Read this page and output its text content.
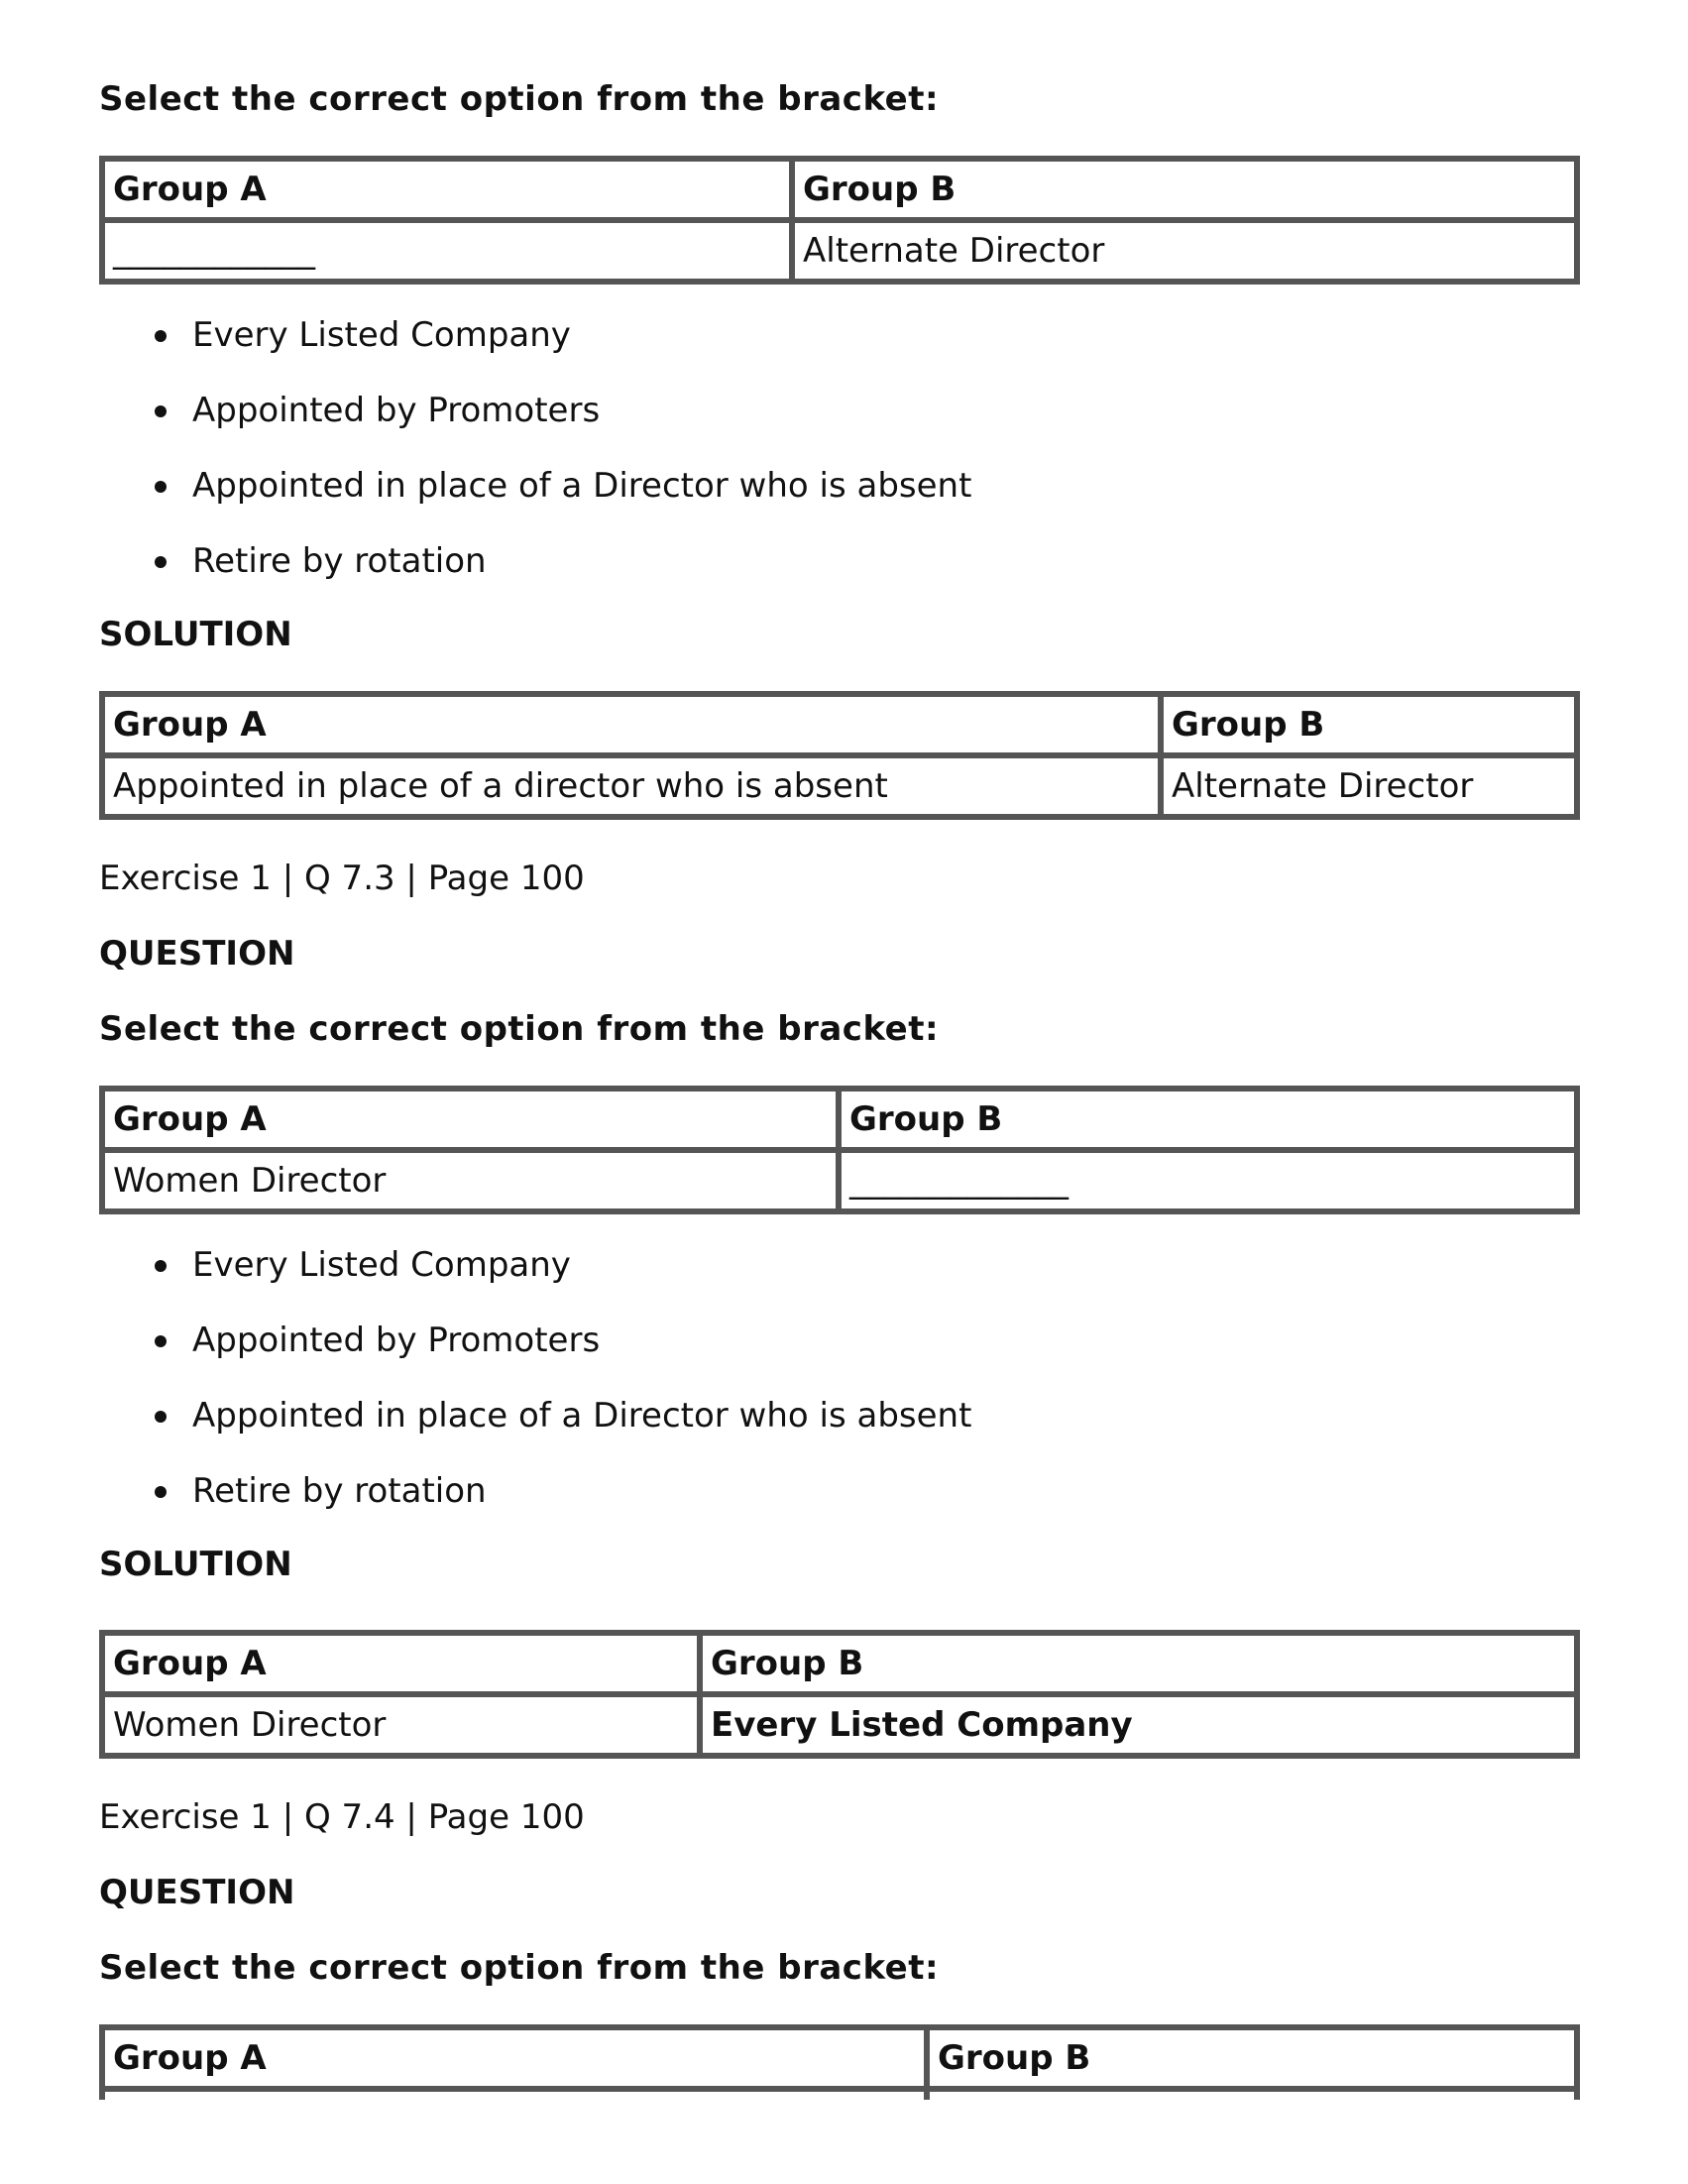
Select the correct option from the bracket:

Group A	Group B
____________	Alternate Director
Every Listed Company
Appointed by Promoters
Appointed in place of a Director who is absent
Retire by rotation

SOLUTION

Group A	Group B
Appointed in place of a director who is absent	Alternate Director

Exercise 1 | Q 7.3 | Page 100

QUESTION

Select the correct option from the bracket:

Group A	Group B
Women Director	_____________
Every Listed Company
Appointed by Promoters
Appointed in place of a Director who is absent
Retire by rotation

SOLUTION

Group A	Group B
Women Director	Every Listed Company

Exercise 1 | Q 7.4 | Page 100

QUESTION

Select the correct option from the bracket:

Group A	Group B
